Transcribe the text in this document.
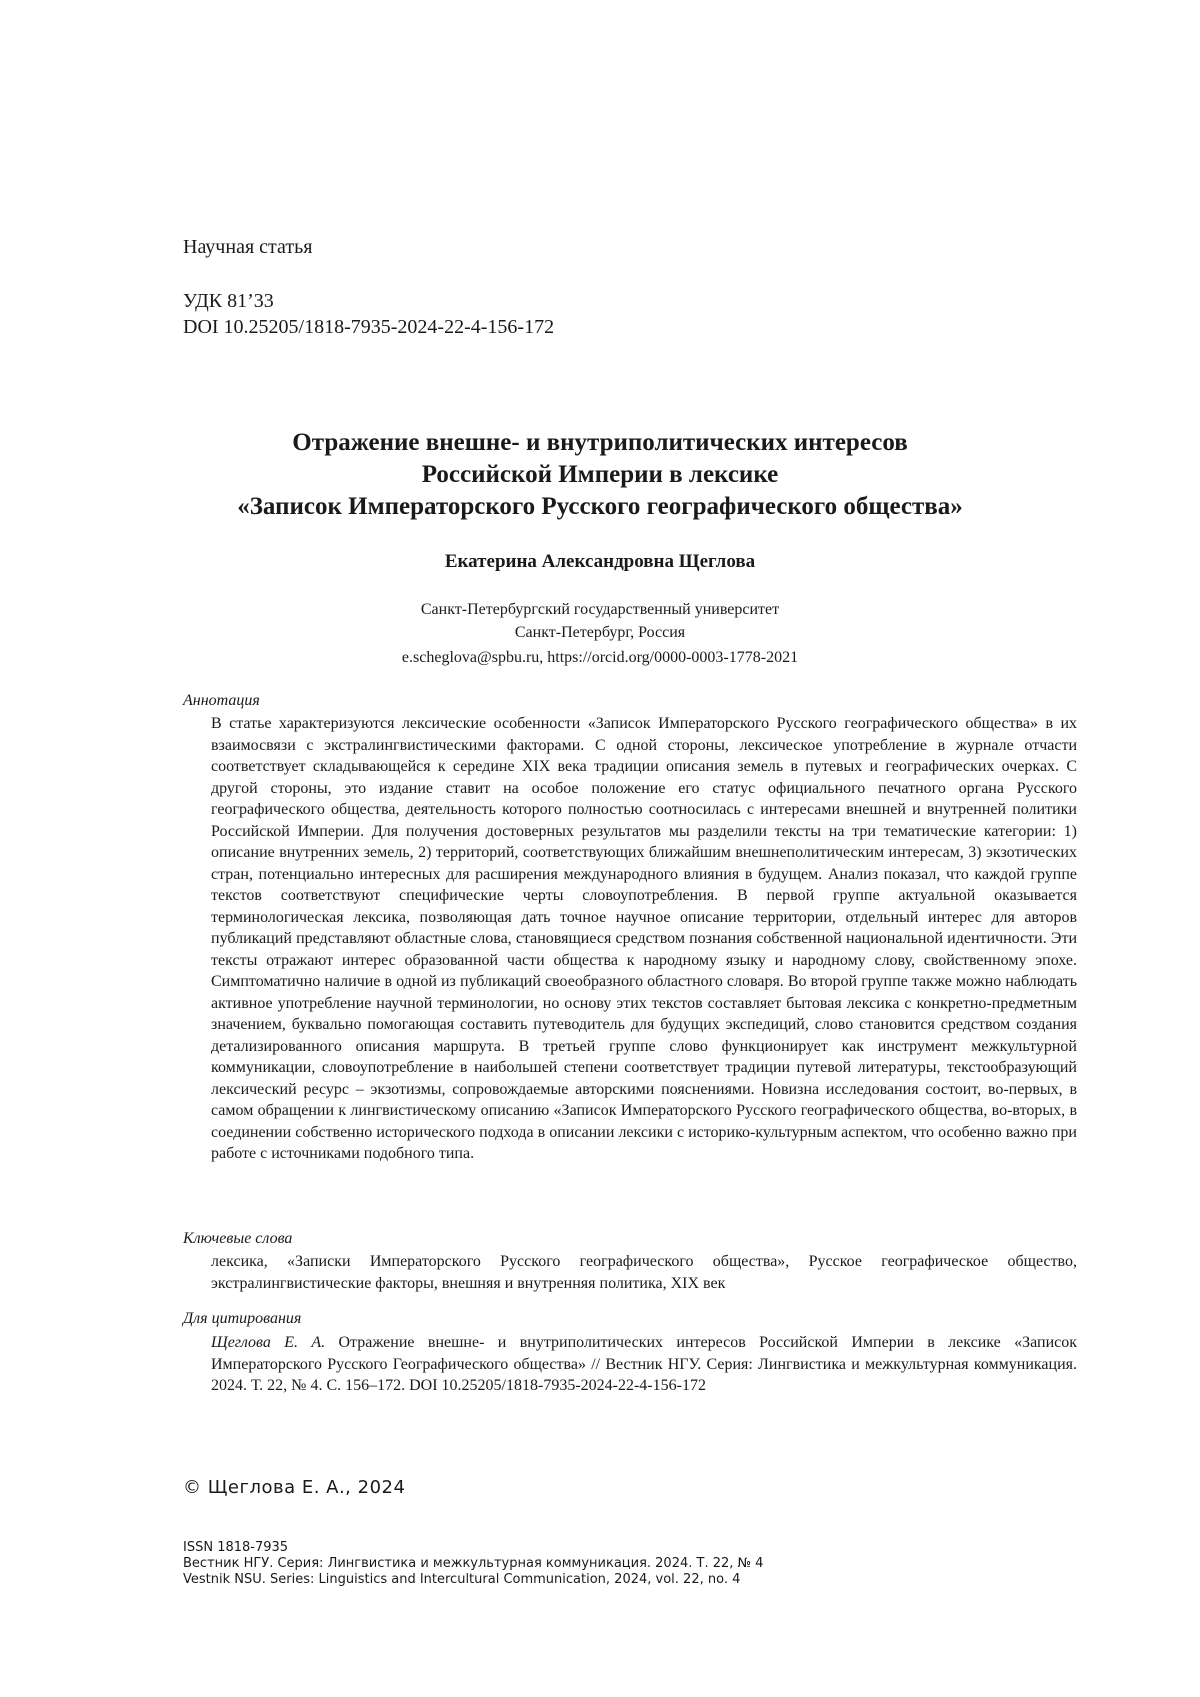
Научная статья
УДК 81’33
DOI 10.25205/1818-7935-2024-22-4-156-172
Отражение внешне- и внутриполитических интересов
Российской Империи в лексике
«Записок Императорского Русского географического общества»
Екатерина Александровна Щеглова
Санкт-Петербургский государственный университет
Санкт-Петербург, Россия
e.scheglova@spbu.ru, https://orcid.org/0000-0003-1778-2021
Аннотация
В статье характеризуются лексические особенности «Записок Императорского Русского географического общества» в их взаимосвязи с экстралингвистическими факторами. С одной стороны, лексическое употребление в журнале отчасти соответствует складывающейся к середине XIX века традиции описания земель в путевых и географических очерках. С другой стороны, это издание ставит на особое положение его статус официального печатного органа Русского географического общества, деятельность которого полностью соотносилась с интересами внешней и внутренней политики Российской Империи. Для получения достоверных результатов мы разделили тексты на три тематические категории: 1) описание внутренних земель, 2) территорий, соответствующих ближайшим внешнеполитическим интересам, 3) экзотических стран, потенциально интересных для расширения международного влияния в будущем. Анализ показал, что каждой группе текстов соответствуют специфические черты словоупотребления. В первой группе актуальной оказывается терминологическая лексика, позволяющая дать точное научное описание территории, отдельный интерес для авторов публикаций представляют областные слова, становящиеся средством познания собственной национальной идентичности. Эти тексты отражают интерес образованной части общества к народному языку и народному слову, свойственному эпохе. Симптоматично наличие в одной из публикаций своеобразного областного словаря. Во второй группе также можно наблюдать активное употребление научной терминологии, но основу этих текстов составляет бытовая лексика с конкретно-предметным значением, буквально помогающая составить путеводитель для будущих экспедиций, слово становится средством создания детализированного описания маршрута. В третьей группе слово функционирует как инструмент межкультурной коммуникации, словоупотребление в наибольшей степени соответствует традиции путевой литературы, текстообразующий лексический ресурс – экзотизмы, сопровождаемые авторскими пояснениями. Новизна исследования состоит, во-первых, в самом обращении к лингвистическому описанию «Записок Императорского Русского географического общества, во-вторых, в соединении собственно исторического подхода в описании лексики с историко-культурным аспектом, что особенно важно при работе с источниками подобного типа.
Ключевые слова
лексика, «Записки Императорского Русского географического общества», Русское географическое общество, экстралингвистические факторы, внешняя и внутренняя политика, XIX век
Для цитирования
Щеглова Е. А. Отражение внешне- и внутриполитических интересов Российской Империи в лексике «Записок Императорского Русского Географического общества» // Вестник НГУ. Серия: Лингвистика и межкультурная коммуникация. 2024. Т. 22, № 4. С. 156–172. DOI 10.25205/1818-7935-2024-22-4-156-172
© Щеглова Е. А., 2024
ISSN 1818-7935
Вестник НГУ. Серия: Лингвистика и межкультурная коммуникация. 2024. Т. 22, № 4
Vestnik NSU. Series: Linguistics and Intercultural Communication, 2024, vol. 22, no. 4
